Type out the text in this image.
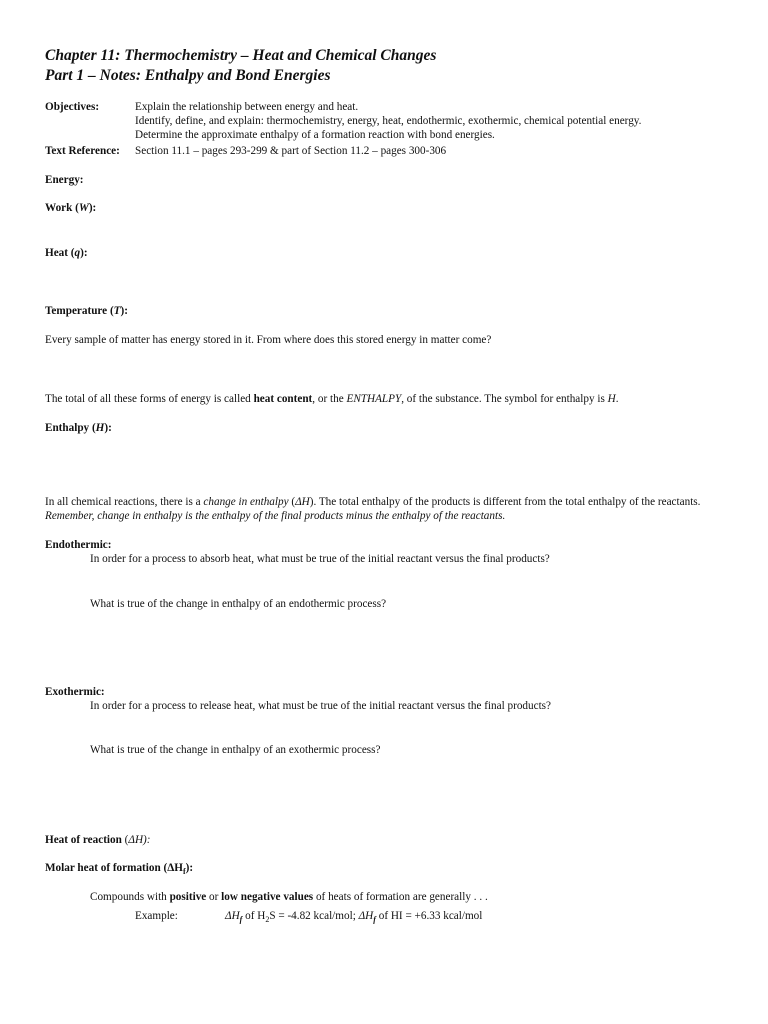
Chapter 11: Thermochemistry – Heat and Chemical Changes
Part 1 – Notes: Enthalpy and Bond Energies
Objectives:	Explain the relationship between energy and heat.
Identify, define, and explain: thermochemistry, energy, heat, endothermic, exothermic, chemical potential energy.
Determine the approximate enthalpy of a formation reaction with bond energies.
Text Reference: Section 11.1 – pages 293-299 & part of Section 11.2 – pages 300-306
Energy:
Work (W):
Heat (q):
Temperature (T):
Every sample of matter has energy stored in it. From where does this stored energy in matter come?
The total of all these forms of energy is called heat content, or the ENTHALPY, of the substance. The symbol for enthalpy is H.
Enthalpy (H):
In all chemical reactions, there is a change in enthalpy (ΔH). The total enthalpy of the products is different from the total enthalpy of the reactants. Remember, change in enthalpy is the enthalpy of the final products minus the enthalpy of the reactants.
Endothermic:
In order for a process to absorb heat, what must be true of the initial reactant versus the final products?
What is true of the change in enthalpy of an endothermic process?
Exothermic:
In order for a process to release heat, what must be true of the initial reactant versus the final products?
What is true of the change in enthalpy of an exothermic process?
Heat of reaction (ΔH):
Molar heat of formation $(\Delta H_f)$:
Compounds with positive or low negative values of heats of formation are generally . . .
Example:	$\Delta H_f$ of $H_2S = -4.82$ kcal/mol; $\Delta H_f$ of HI = +6.33 kcal/mol
